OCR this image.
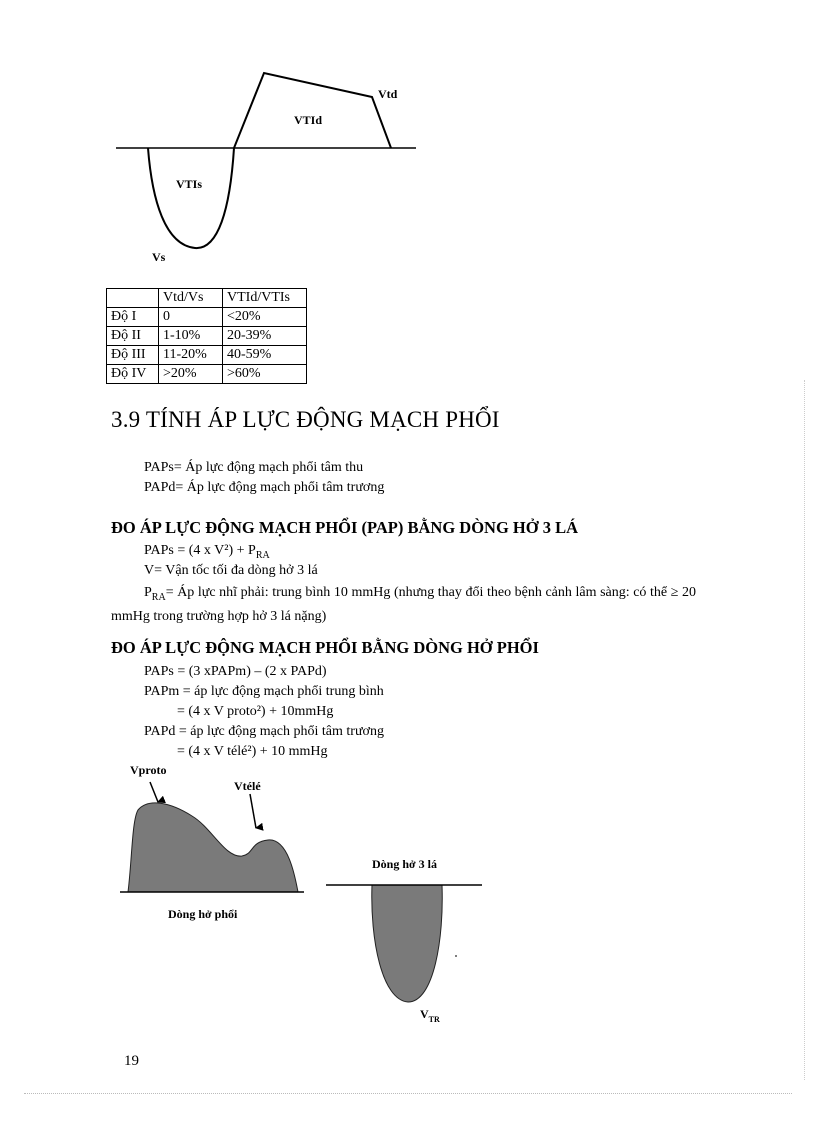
Vtd
VTId
VTIs
Vs
	Vtd/Vs	VTId/VTIs
Độ I	0	<20%
Độ II	1-10%	20-39%
Độ III	11-20%	40-59%
Độ IV	>20%	>60%
3.9 TÍNH ÁP LỰC ĐỘNG MẠCH PHỔI
PAPs= Áp lực động mạch phổi tâm thu
PAPd= Áp lực động mạch phổi tâm trương
ĐO ÁP LỰC ĐỘNG MẠCH PHỔI (PAP) BẰNG DÒNG HỞ 3 LÁ
PAPs = (4 x $V^2) + P_{RA}$
V= Vận tốc tối đa dòng hở 3 lá
$P_{RA}=$ Áp lực nhĩ phải: trung bình 10 mmHg (nhưng thay đổi theo bệnh cảnh lâm sàng: có thể ≥ 20 mmHg trong trường hợp hở 3 lá nặng)
ĐO ÁP LỰC ĐỘNG MẠCH PHỔI BẰNG DÒNG HỞ PHỔI
PAPs = (3 xPAPm) – (2 x PAPd)
PAPm = áp lực động mạch phổi trung bình
= (4 x V proto²) + 10mmHg
PAPd = áp lực động mạch phổi tâm trương
= (4 x V télé²) + 10 mmHg
Vproto
Vtélé
Dòng hở phổi
Dòng hở 3 lá
$V_{TR}$
19
